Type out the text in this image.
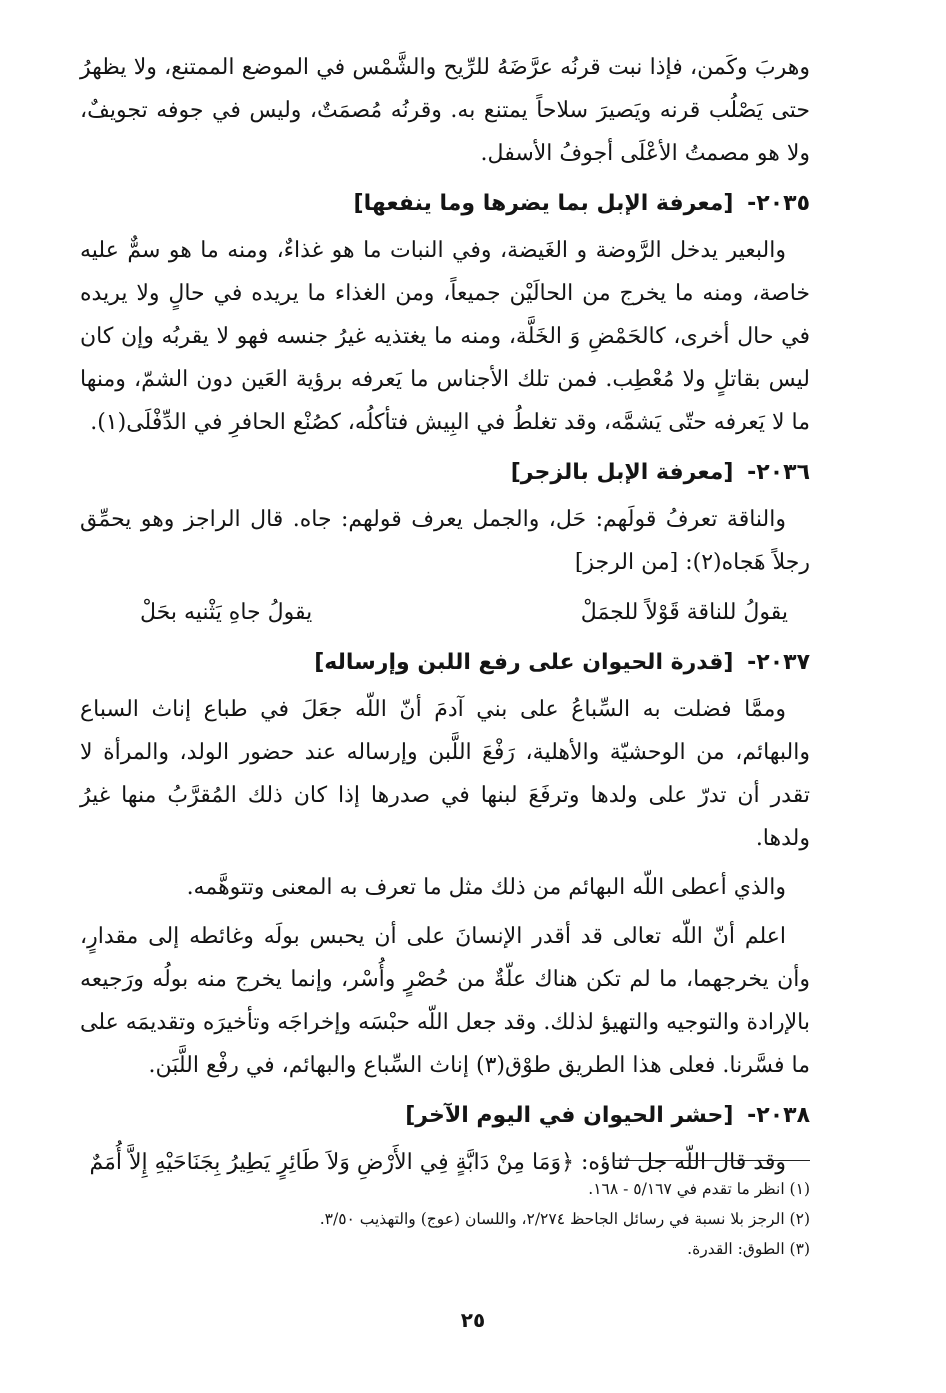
وهربَ وكَمن، فإذا نبت قرنُه عرَّضَهُ للرِّيح والشَّمْس في الموضع الممتنع، ولا يظهرُ حتى يَصْلُب قرنه ويَصيرَ سلاحاً يمتنع به. وقرنُه مُصمَتٌ، وليس في جوفه تجويفٌ، ولا هو مصمتُ الأعْلَى أجوفُ الأسفل.

٢٠٣٥- [معرفة الإبل بما يضرها وما ينفعها]

والبعير يدخل الرَّوضة و الغَيضة، وفي النبات ما هو غذاءٌ، ومنه ما هو سمٌّ عليه خاصة، ومنه ما يخرج من الحالَيْن جميعاً، ومن الغذاء ما يريده في حالٍ ولا يريده في حال أخرى، كالحَمْضِ وَ الخَلَّة، ومنه ما يغتذيه غيرُ جنسه فهو لا يقربُه وإن كان ليس بقاتلٍ ولا مُعْطِب. فمن تلك الأجناس ما يَعرفه برؤية العَين دون الشمّ، ومنها ما لا يَعرفه حتّى يَشمَّه، وقد تغلطُ في البِيش فتأكلُه، كصُنْع الحافرِ في الدِّفْلَى(١).

٢٠٣٦- [معرفة الإبل بالزجر]

والناقة تعرفُ قولَهم: حَل، والجمل يعرف قولهم: جاه. قال الراجز وهو يحمِّق رجلاً هَجاه(٢): [من الرجز]

يقولُ للناقة قَوْلاً للجمَلْ
يقولُ جاهِ يَثْنيه بحَلْ
٢٠٣٧- [قدرة الحيوان على رفع اللبن وإرساله]

وممَّا فضلت به السِّباعُ على بني آدمَ أنّ اللّه جعَلَ في طباع إناث السباع والبهائم، من الوحشيّة والأهلية، رَفْعَ اللَّبن وإرساله عند حضور الولد، والمرأة لا تقدر أن تدرّ على ولدها وترفَعَ لبنها في صدرها إذا كان ذلك المُقرَّبُ منها غيرُ ولدها.

والذي أعطى اللّه البهائم من ذلك مثل ما تعرف به المعنى وتتوهَّمه.

اعلم أنّ اللّه تعالى قد أقدر الإنسانَ على أن يحبس بولَه وغائطه إلى مقدارٍ، وأن يخرجهما، ما لم تكن هناك علّةٌ من حُصْرٍ وأُسْر، وإنما يخرج منه بولُه ورَجيعه بالإرادة والتوجيه والتهيؤ لذلك. وقد جعل اللّه حبْسَه وإخراجَه وتأخيرَه وتقديمَه على ما فسَّرنا. فعلى هذا الطريق طوْق(٣) إناث السِّباع والبهائم، في رفْع اللَّبَن.

٢٠٣٨- [حشر الحيوان في اليوم الآخر]

وقد قال اللّه جل ثناؤه: ﴿وَمَا مِنْ دَابَّةٍ فِي الأَرْضِ وَلاَ طَائِرٍ يَطِيرُ بِجَنَاحَيْهِ إِلاَّ أُمَمٌ

(١) انظر ما تقدم في ٥/١٦٧ - ١٦٨.
(٢) الرجز بلا نسبة في رسائل الجاحظ ٢/٢٧٤، واللسان (عوج) والتهذيب ٣/٥٠.
(٣) الطوق: القدرة.
٢٥
